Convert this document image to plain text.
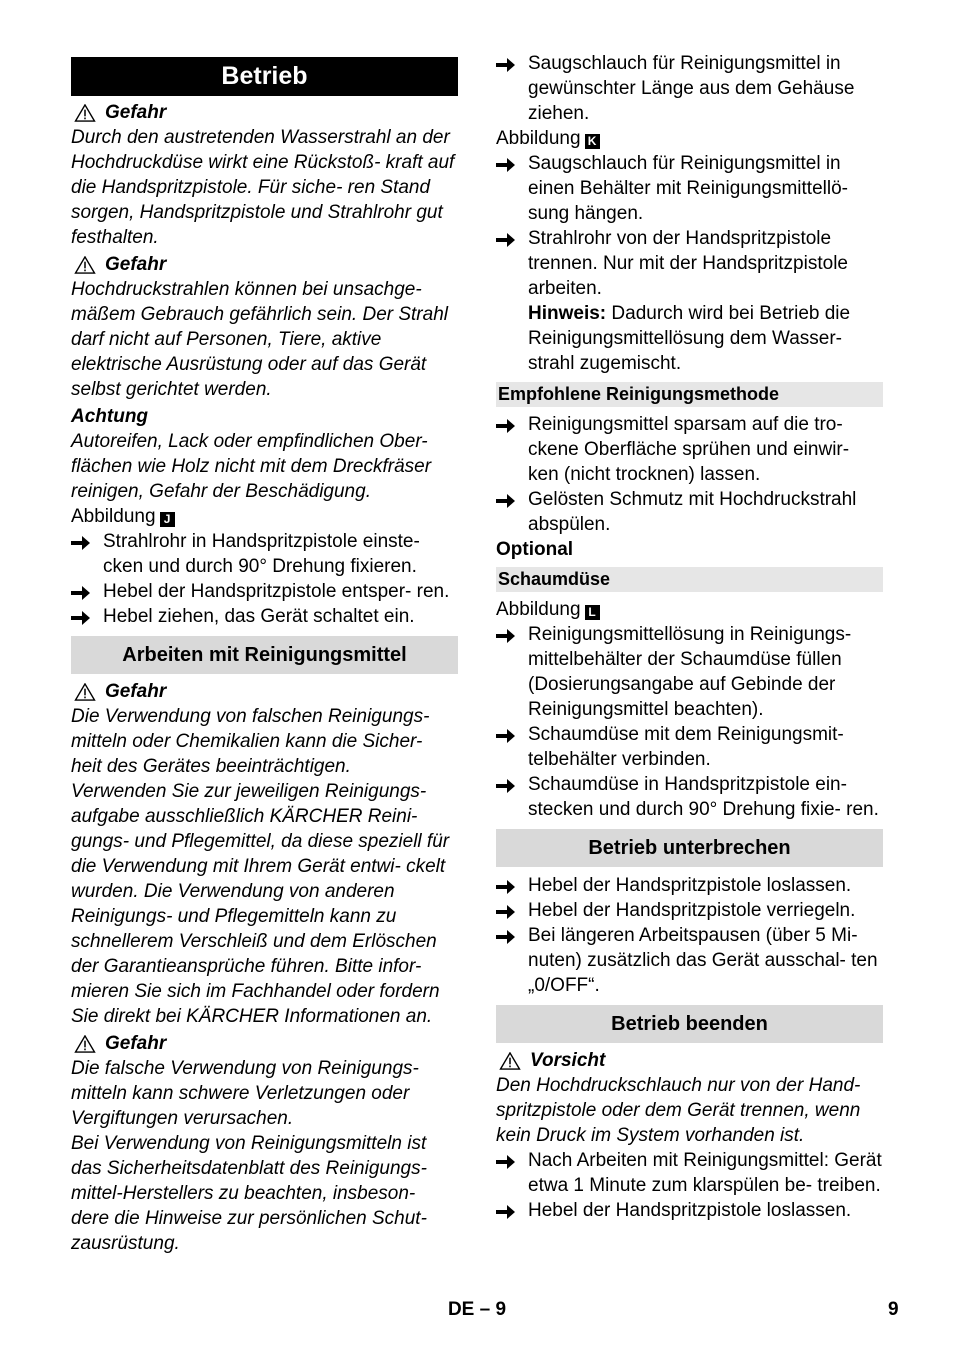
Betrieb
Gefahr

Durch den austretenden Wasserstrahl an der Hochdruckdüse wirkt eine Rückstoß- kraft auf die Handspritzpistole. Für siche- ren Stand sorgen, Handspritzpistole und Strahlrohr gut festhalten.

Gefahr

Hochdruckstrahlen können bei unsachge- mäßem Gebrauch gefährlich sein. Der Strahl darf nicht auf Personen, Tiere, aktive elektrische Ausrüstung oder auf das Gerät selbst gerichtet werden.

Achtung

Autoreifen, Lack oder empfindlichen Ober- flächen wie Holz nicht mit dem Dreckfräser reinigen, Gefahr der Beschädigung.

Abbildung J

Strahlrohr in Handspritzpistole einste- cken und durch 90° Drehung fixieren.
Hebel der Handspritzpistole entsper- ren.
Hebel ziehen, das Gerät schaltet ein.
Arbeiten mit Reinigungsmittel
Gefahr

Die Verwendung von falschen Reinigungs- mitteln oder Chemikalien kann die Sicher- heit des Gerätes beeinträchtigen.

Verwenden Sie zur jeweiligen Reinigungs- aufgabe ausschließlich KÄRCHER Reini- gungs- und Pflegemittel, da diese speziell für die Verwendung mit Ihrem Gerät entwi- ckelt wurden. Die Verwendung von anderen Reinigungs- und Pflegemitteln kann zu schnellerem Verschleiß und dem Erlöschen der Garantieansprüche führen. Bitte infor- mieren Sie sich im Fachhandel oder fordern Sie direkt bei KÄRCHER Informationen an.

Gefahr

Die falsche Verwendung von Reinigungs- mitteln kann schwere Verletzungen oder Vergiftungen verursachen.

Bei Verwendung von Reinigungsmitteln ist das Sicherheitsdatenblatt des Reinigungs- mittel-Herstellers zu beachten, insbeson- dere die Hinweise zur persönlichen Schut- zausrüstung.

Saugschlauch für Reinigungsmittel in gewünschter Länge aus dem Gehäuse ziehen.

Abbildung K

Saugschlauch für Reinigungsmittel in einen Behälter mit Reinigungsmittellö- sung hängen.
Strahlrohr von der Handspritzpistole trennen. Nur mit der Handspritzpistole arbeiten.

Hinweis: Dadurch wird bei Betrieb die Reinigungsmittellösung dem Wasser- strahl zugemischt.

Empfohlene Reinigungsmethode
Reinigungsmittel sparsam auf die tro- ckene Oberfläche sprühen und einwir- ken (nicht trocknen) lassen.
Gelösten Schmutz mit Hochdruckstrahl abspülen.

Optional

Schaumdüse

Abbildung L

Reinigungsmittellösung in Reinigungs- mittelbehälter der Schaumdüse füllen (Dosierungsangabe auf Gebinde der Reinigungsmittel beachten).
Schaumdüse mit dem Reinigungsmit- telbehälter verbinden.
Schaumdüse in Handspritzpistole ein- stecken und durch 90° Drehung fixie- ren.
Betrieb unterbrechen
Hebel der Handspritzpistole loslassen.
Hebel der Handspritzpistole verriegeln.
Bei längeren Arbeitspausen (über 5 Mi- nuten) zusätzlich das Gerät ausschal- ten „0/OFF“.
Betrieb beenden
Vorsicht

Den Hochdruckschlauch nur von der Hand- spritzpistole oder dem Gerät trennen, wenn kein Druck im System vorhanden ist.

Nach Arbeiten mit Reinigungsmittel: Gerät etwa 1 Minute zum klarspülen be- treiben.
Hebel der Handspritzpistole loslassen.
DE – 9	9
